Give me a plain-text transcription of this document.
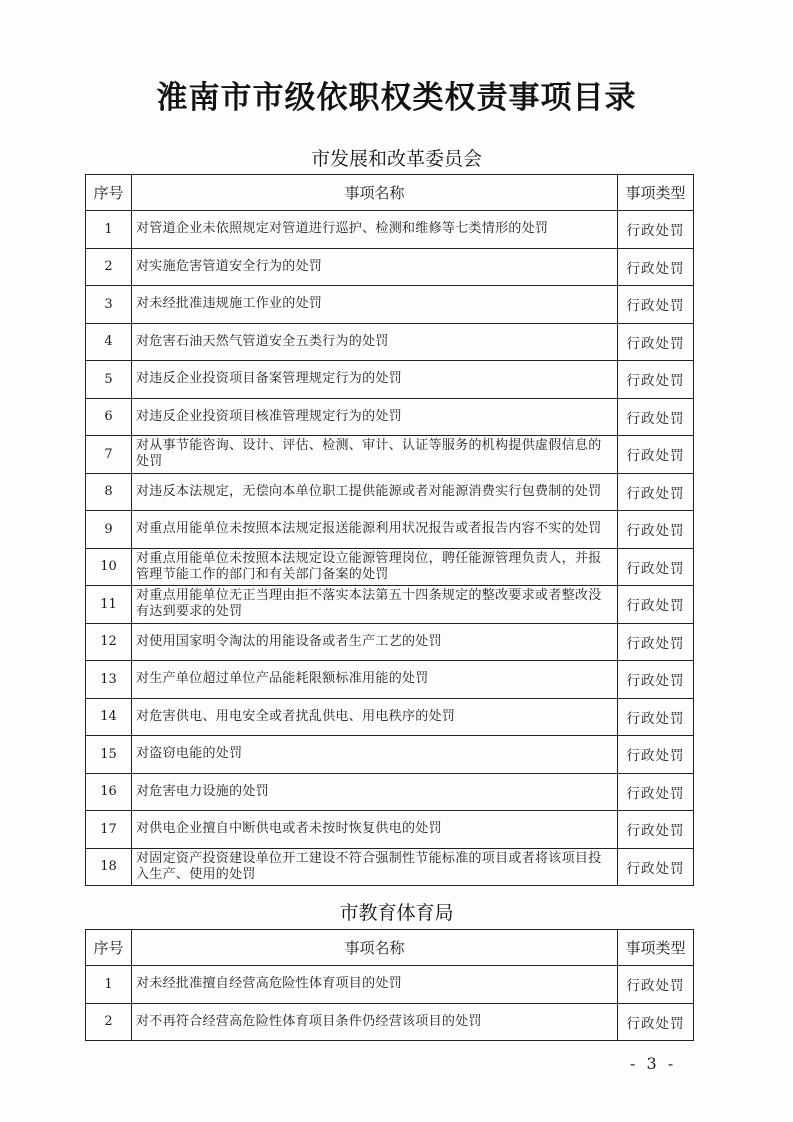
淮南市市级依职权类权责事项目录
市发展和改革委员会
序号	事项名称	事项类型
1	对管道企业未依照规定对管道进行巡护、检测和维修等七类情形的处罚	行政处罚
2	对实施危害管道安全行为的处罚	行政处罚
3	对未经批准违规施工作业的处罚	行政处罚
4	对危害石油天然气管道安全五类行为的处罚	行政处罚
5	对违反企业投资项目备案管理规定行为的处罚	行政处罚
6	对违反企业投资项目核准管理规定行为的处罚	行政处罚
7	对从事节能咨询、设计、评估、检测、审计、认证等服务的机构提供虚假信息的处罚	行政处罚
8	对违反本法规定，无偿向本单位职工提供能源或者对能源消费实行包费制的处罚	行政处罚
9	对重点用能单位未按照本法规定报送能源利用状况报告或者报告内容不实的处罚	行政处罚
10	对重点用能单位未按照本法规定设立能源管理岗位，聘任能源管理负责人，并报管理节能工作的部门和有关部门备案的处罚	行政处罚
11	对重点用能单位无正当理由拒不落实本法第五十四条规定的整改要求或者整改没有达到要求的处罚	行政处罚
12	对使用国家明令淘汰的用能设备或者生产工艺的处罚	行政处罚
13	对生产单位超过单位产品能耗限额标准用能的处罚	行政处罚
14	对危害供电、用电安全或者扰乱供电、用电秩序的处罚	行政处罚
15	对盗窃电能的处罚	行政处罚
16	对危害电力设施的处罚	行政处罚
17	对供电企业擅自中断供电或者未按时恢复供电的处罚	行政处罚
18	对固定资产投资建设单位开工建设不符合强制性节能标准的项目或者将该项目投入生产、使用的处罚	行政处罚
市教育体育局
序号	事项名称	事项类型
1	对未经批准擅自经营高危险性体育项目的处罚	行政处罚
2	对不再符合经营高危险性体育项目条件仍经营该项目的处罚	行政处罚
- 3 -
